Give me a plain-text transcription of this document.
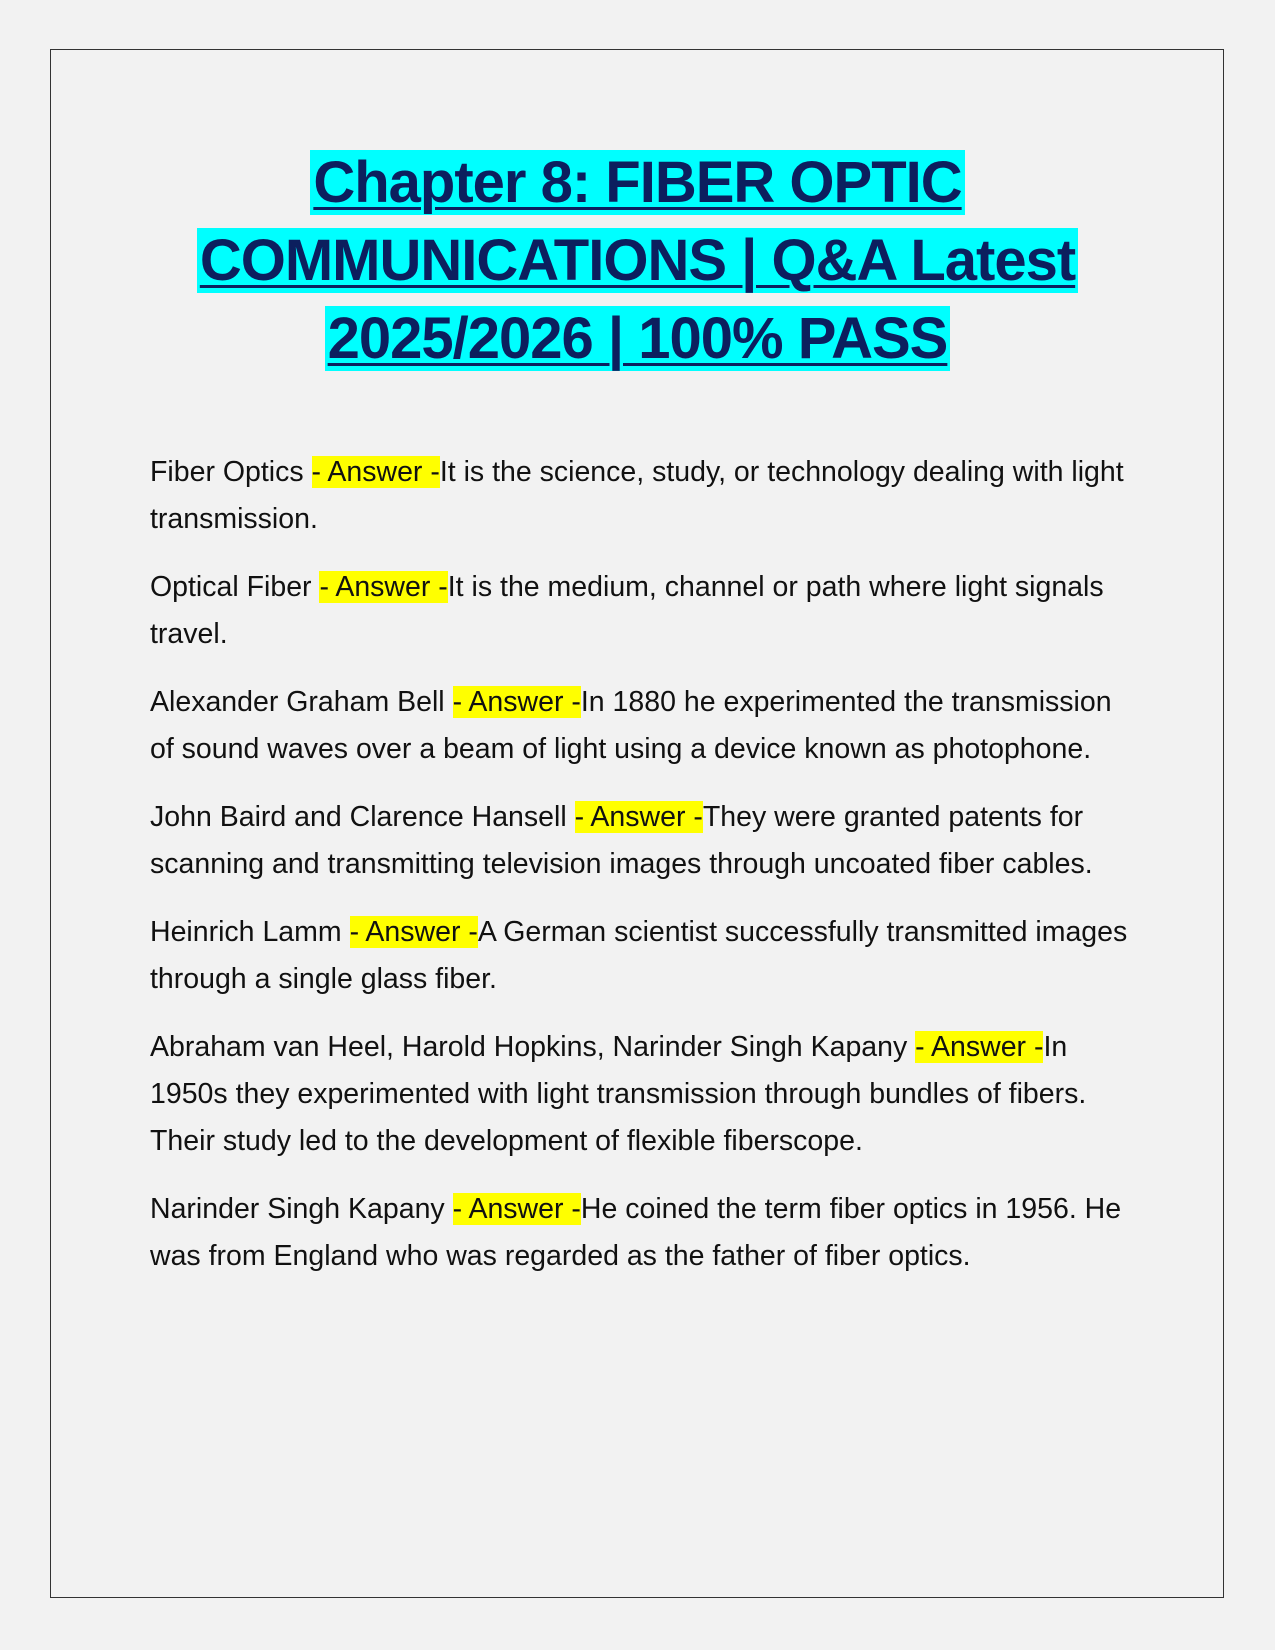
Chapter 8: FIBER OPTIC COMMUNICATIONS | Q&A Latest 2025/2026 | 100% PASS

Fiber Optics - Answer -It is the science, study, or technology dealing with light transmission.

Optical Fiber - Answer -It is the medium, channel or path where light signals travel.

Alexander Graham Bell - Answer -In 1880 he experimented the transmission of sound waves over a beam of light using a device known as photophone.

John Baird and Clarence Hansell - Answer -They were granted patents for scanning and transmitting television images through uncoated fiber cables.

Heinrich Lamm - Answer -A German scientist successfully transmitted images through a single glass fiber.

Abraham van Heel, Harold Hopkins, Narinder Singh Kapany - Answer -In 1950s they experimented with light transmission through bundles of fibers. Their study led to the development of flexible fiberscope.

Narinder Singh Kapany - Answer -He coined the term fiber optics in 1956. He was from England who was regarded as the father of fiber optics.
